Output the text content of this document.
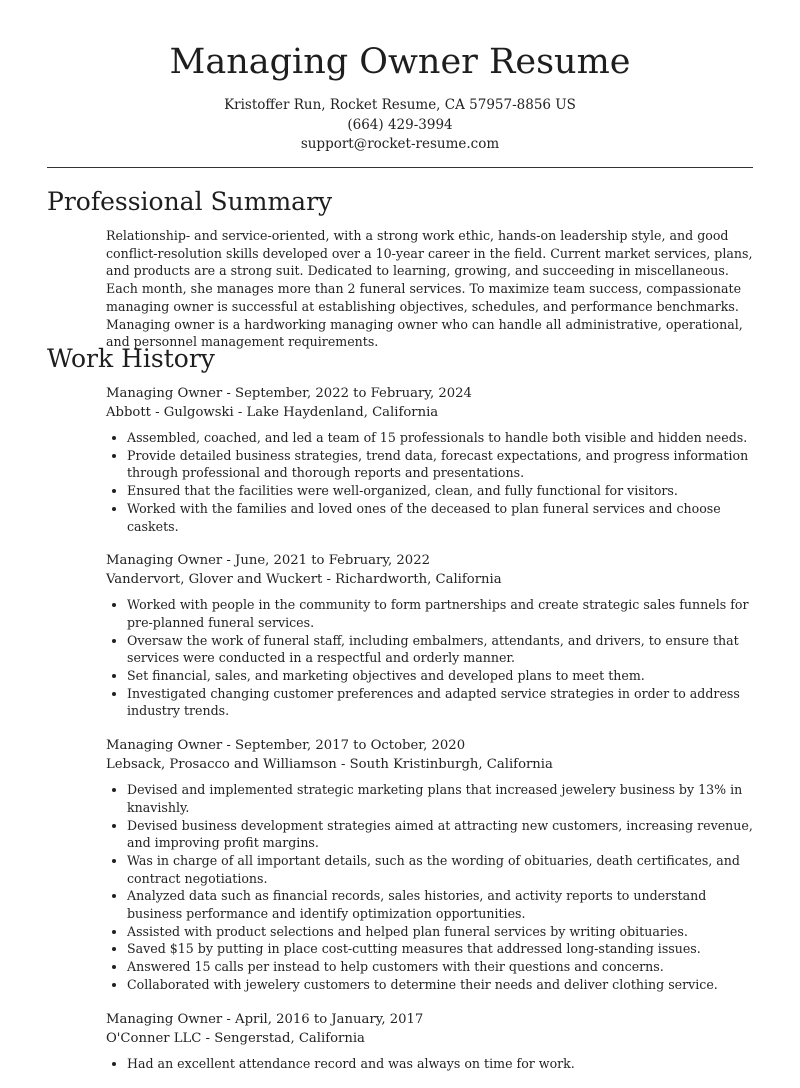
Managing Owner Resume
Kristoffer Run, Rocket Resume, CA 57957-8856 US
(664) 429-3994
support@rocket-resume.com
Professional Summary

Relationship- and service-oriented, with a strong work ethic, hands-on leadership style, and good conflict-resolution skills developed over a 10-year career in the field. Current market services, plans, and products are a strong suit. Dedicated to learning, growing, and succeeding in miscellaneous. Each month, she manages more than 2 funeral services. To maximize team success, compassionate managing owner is successful at establishing objectives, schedules, and performance benchmarks. Managing owner is a hardworking managing owner who can handle all administrative, operational, and personnel management requirements.

Work History
Managing Owner - September, 2022 to February, 2024
Abbott - Gulgowski - Lake Haydenland, California
• Assembled, coached, and led a team of 15 professionals to handle both visible and hidden needs.
• Provide detailed business strategies, trend data, forecast expectations, and progress information through professional and thorough reports and presentations.
• Ensured that the facilities were well-organized, clean, and fully functional for visitors.
• Worked with the families and loved ones of the deceased to plan funeral services and choose caskets.
Managing Owner - June, 2021 to February, 2022
Vandervort, Glover and Wuckert - Richardworth, California
• Worked with people in the community to form partnerships and create strategic sales funnels for pre-planned funeral services.
• Oversaw the work of funeral staff, including embalmers, attendants, and drivers, to ensure that services were conducted in a respectful and orderly manner.
• Set financial, sales, and marketing objectives and developed plans to meet them.
• Investigated changing customer preferences and adapted service strategies in order to address industry trends.
Managing Owner - September, 2017 to October, 2020
Lebsack, Prosacco and Williamson - South Kristinburgh, California
• Devised and implemented strategic marketing plans that increased jewelery business by 13% in knavishly.
• Devised business development strategies aimed at attracting new customers, increasing revenue, and improving profit margins.
• Was in charge of all important details, such as the wording of obituaries, death certificates, and contract negotiations.
• Analyzed data such as financial records, sales histories, and activity reports to understand business performance and identify optimization opportunities.
• Assisted with product selections and helped plan funeral services by writing obituaries.
• Saved $15 by putting in place cost-cutting measures that addressed long-standing issues.
• Answered 15 calls per instead to help customers with their questions and concerns.
• Collaborated with jewelery customers to determine their needs and deliver clothing service.
Managing Owner - April, 2016 to January, 2017
O'Conner LLC - Sengerstad, California
• Had an excellent attendance record and was always on time for work.
